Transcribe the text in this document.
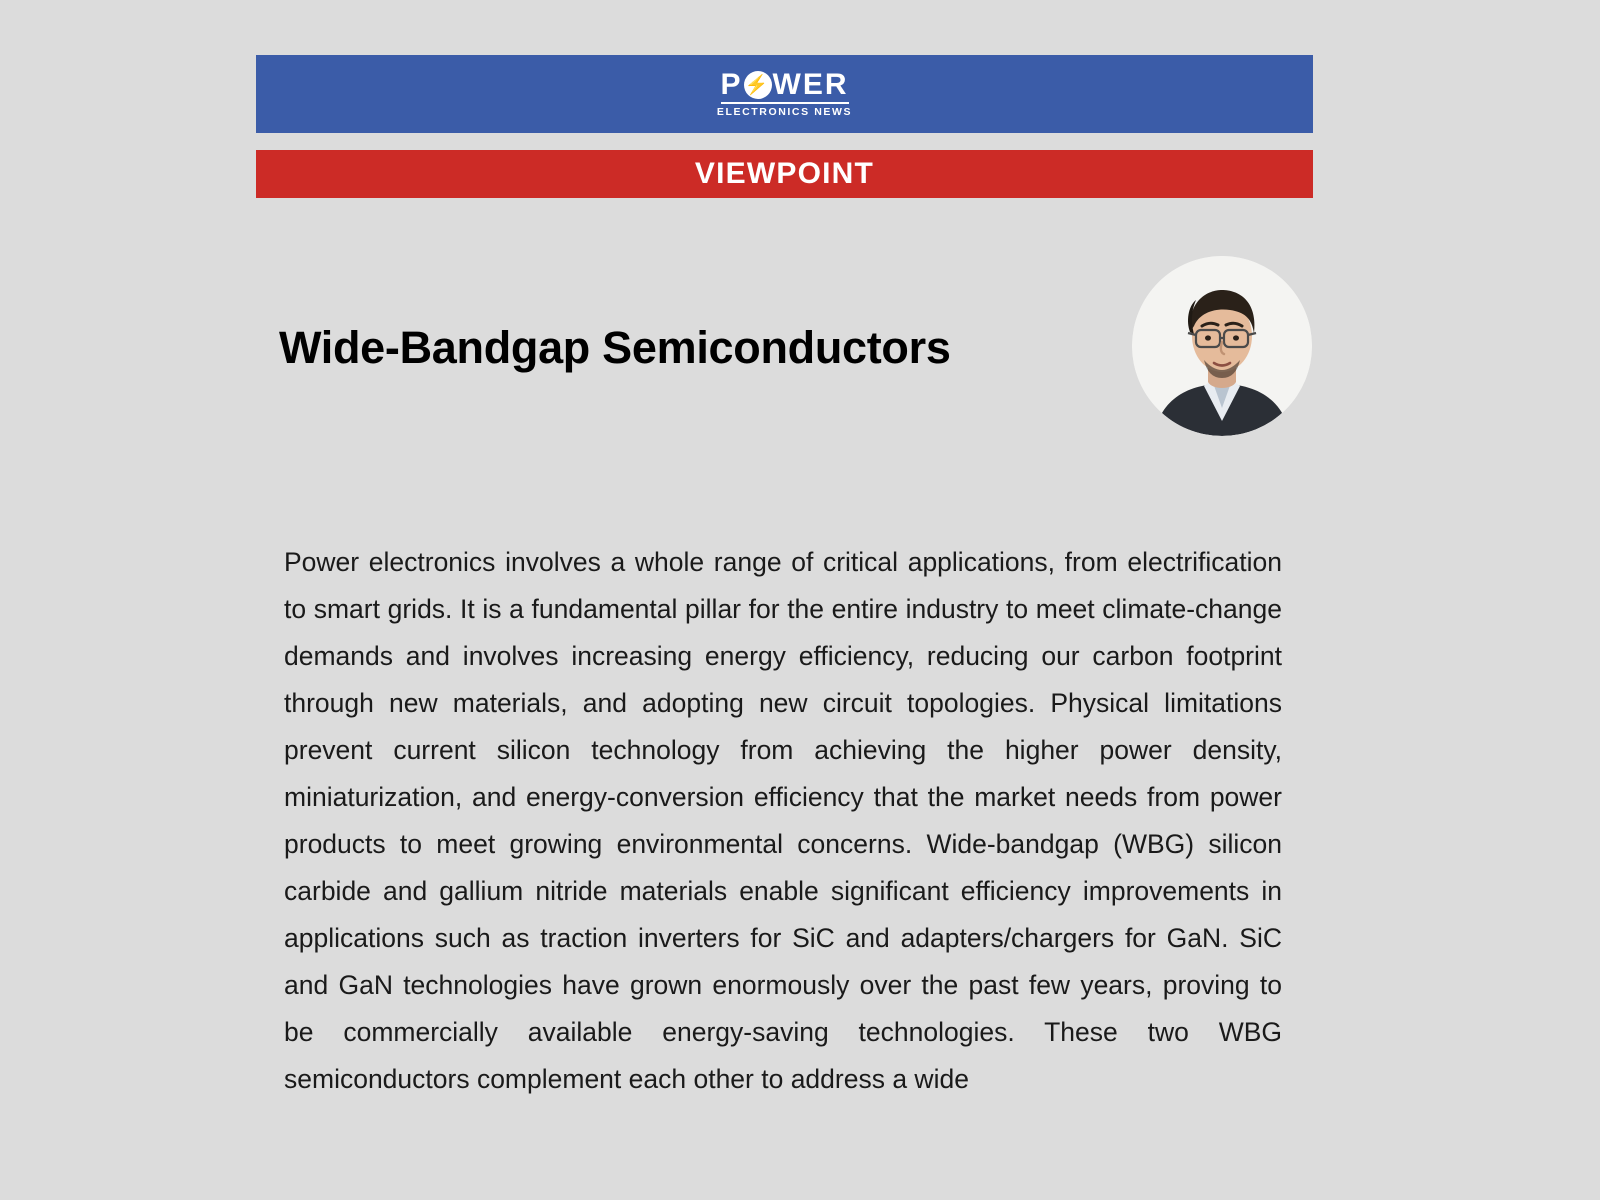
P ⚡ WER
ELECTRONICS NEWS
VIEWPOINT
Wide-Bandgap Semiconductors

Power electronics involves a whole range of critical applications, from electrification to smart grids. It is a fundamental pillar for the entire industry to meet climate-change demands and involves increasing energy efficiency, reducing our carbon footprint through new materials, and adopting new circuit topologies. Physical limitations prevent current silicon technology from achieving the higher power density, miniaturization, and energy-conversion efficiency that the market needs from power products to meet growing environmental concerns. Wide-bandgap (WBG) silicon carbide and gallium nitride materials enable significant efficiency improvements in applications such as traction inverters for SiC and adapters/chargers for GaN. SiC and GaN technologies have grown enormously over the past few years, proving to be commercially available energy-saving technologies. These two WBG semiconductors complement each other to address a wide
